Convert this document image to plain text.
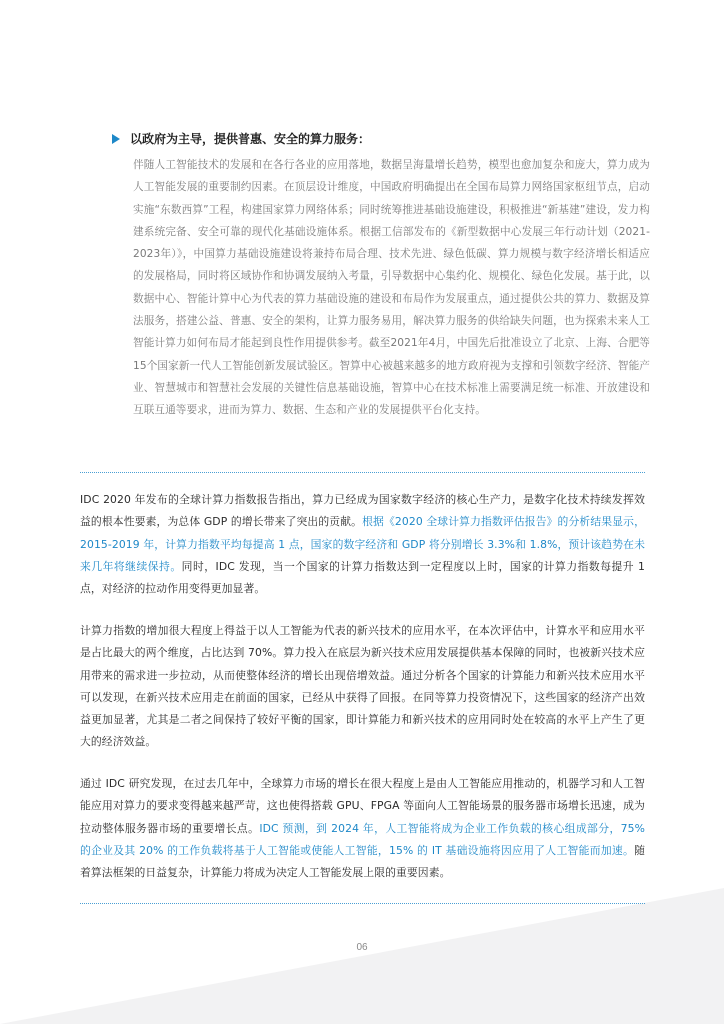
以政府为主导，提供普惠、安全的算力服务：
伴随人工智能技术的发展和在各行各业的应用落地，数据呈海量增长趋势，模型也愈加复杂和庞大，算力成为人工智能发展的重要制约因素。在顶层设计维度，中国政府明确提出在全国布局算力网络国家枢纽节点，启动实施“东数西算”工程，构建国家算力网络体系；同时统筹推进基础设施建设，积极推进“新基建”建设，发力构建系统完备、安全可靠的现代化基础设施体系。根据工信部发布的《新型数据中心发展三年行动计划（2021-2023年）》，中国算力基础设施建设将兼持布局合理、技术先进、绿色低碳、算力规模与数字经济增长相适应的发展格局，同时将区域协作和协调发展纳入考量，引导数据中心集约化、规模化、绿色化发展。基于此，以数据中心、智能计算中心为代表的算力基础设施的建设和布局作为发展重点，通过提供公共的算力、数据及算法服务，搭建公益、普惠、安全的架构，让算力服务易用，解决算力服务的供给缺失问题，也为探索未来人工智能计算力如何布局才能起到良性作用提供参考。截至2021年4月，中国先后批准设立了北京、上海、合肥等15个国家新一代人工智能创新发展试验区。智算中心被越来越多的地方政府视为支撑和引领数字经济、智能产业、智慧城市和智慧社会发展的关键性信息基础设施，智算中心在技术标准上需要满足统一标准、开放建设和互联互通等要求，进而为算力、数据、生态和产业的发展提供平台化支持。
IDC 2020 年发布的全球计算力指数报告指出，算力已经成为国家数字经济的核心生产力，是数字化技术持续发挥效益的根本性要素，为总体 GDP 的增长带来了突出的贡献。根据《2020 全球计算力指数评估报告》的分析结果显示，2015-2019 年，计算力指数平均每提高 1 点，国家的数字经济和 GDP 将分别增长 3.3%和 1.8%，预计该趋势在未来几年将继续保持。同时，IDC 发现，当一个国家的计算力指数达到一定程度以上时，国家的计算力指数每提升 1 点，对经济的拉动作用变得更加显著。
计算力指数的增加很大程度上得益于以人工智能为代表的新兴技术的应用水平，在本次评估中，计算水平和应用水平是占比最大的两个维度，占比达到 70%。算力投入在底层为新兴技术应用发展提供基本保障的同时，也被新兴技术应用带来的需求进一步拉动，从而使整体经济的增长出现倍增效益。通过分析各个国家的计算能力和新兴技术应用水平可以发现，在新兴技术应用走在前面的国家，已经从中获得了回报。在同等算力投资情况下，这些国家的经济产出效益更加显著，尤其是二者之间保持了较好平衡的国家，即计算能力和新兴技术的应用同时处在较高的水平上产生了更大的经济效益。
通过 IDC 研究发现，在过去几年中，全球算力市场的增长在很大程度上是由人工智能应用推动的，机器学习和人工智能应用对算力的要求变得越来越严苛，这也使得搭载 GPU、FPGA 等面向人工智能场景的服务器市场增长迅速，成为拉动整体服务器市场的重要增长点。IDC 预测，到 2024 年，人工智能将成为企业工作负载的核心组成部分，75% 的企业及其 20% 的工作负载将基于人工智能或使能人工智能，15% 的 IT 基础设施将因应用了人工智能而加速。随着算法框架的日益复杂，计算能力将成为决定人工智能发展上限的重要因素。
06
